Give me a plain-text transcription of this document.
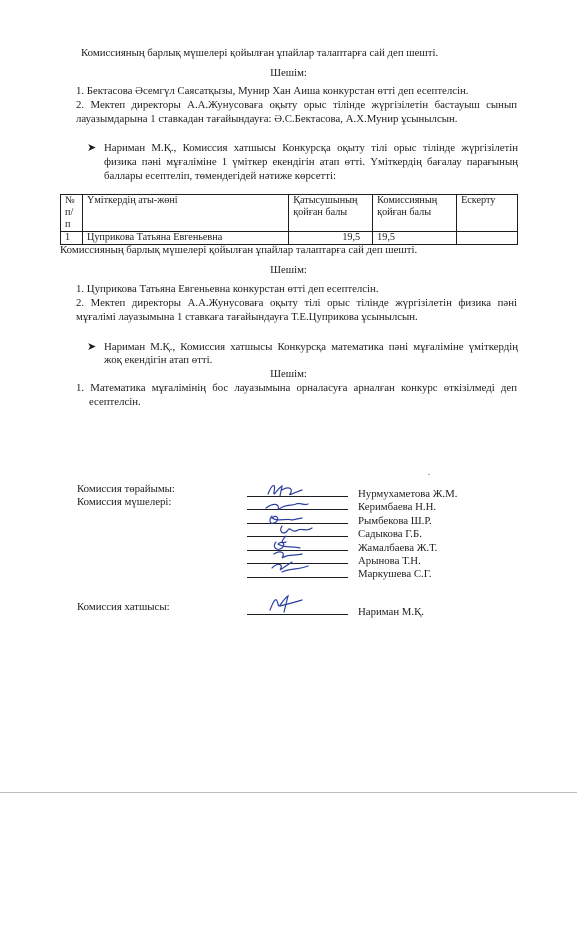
Комиссияның барлық мүшелері қойылған ұпайлар талаптарға сай деп шешті.
Шешім:
1. Бектасова Әсемгүл Саясатқызы, Мунир Хан Аиша конкурстан өтті деп есептелсін.
2. Мектеп директоры А.А.Жунусоваға оқыту орыс тілінде жүргізілетін бастауыш сынып
лауазымдарына 1 ставкадан тағайындауға: Ә.С.Бектасова, А.Х.Мунир ұсынылсын.
➤ Нариман М.Қ., Комиссия хатшысы Конкурсқа оқыту тілі орыс тілінде жүргізілетін
физика пәні мұғаліміне 1 үміткер екендігін атап өтті. Үміткердің бағалау парағының
баллары есептеліп, төмендегідей нәтиже көрсетті:
№ п/п	Үміткердің аты-жөні	Қатысушының қойған балы	Комиссияның қойған балы	Ескерту
1	Цуприкова Татьяна Евгеньевна	19,5	19,5	
Комиссияның барлық мүшелері қойылған ұпайлар талаптарға сай деп шешті.
Шешім:
1. Цуприкова Татьяна Евгеньевна конкурстан өтті деп есептелсін.
2. Мектеп директоры А.А.Жунусоваға оқыту тілі орыс тілінде жүргізілетін физика пәні
мұғалімі лауазымына 1 ставкаға тағайындауға Т.Е.Цуприкова ұсынылсын.
➤ Нариман М.Қ., Комиссия хатшысы Конкурсқа математика пәні мұғаліміне үміткердің
жоқ екендігін атап өтті.
Шешім:
1. Математика мұғалімінің бос лауазымына орналасуға арналған конкурс өткізілмеді деп
есептелсін.
Комиссия төрайымы:
Комиссия мүшелері:
Нурмухаметова Ж.М.
Керимбаева Н.Н.
Рымбекова Ш.Р.
Садыкова Г.Б.
Жамалбаева Ж.Т.
Арынова Т.Н.
Маркушева С.Г.
Комиссия хатшысы:	Нариман М.Қ.
.
